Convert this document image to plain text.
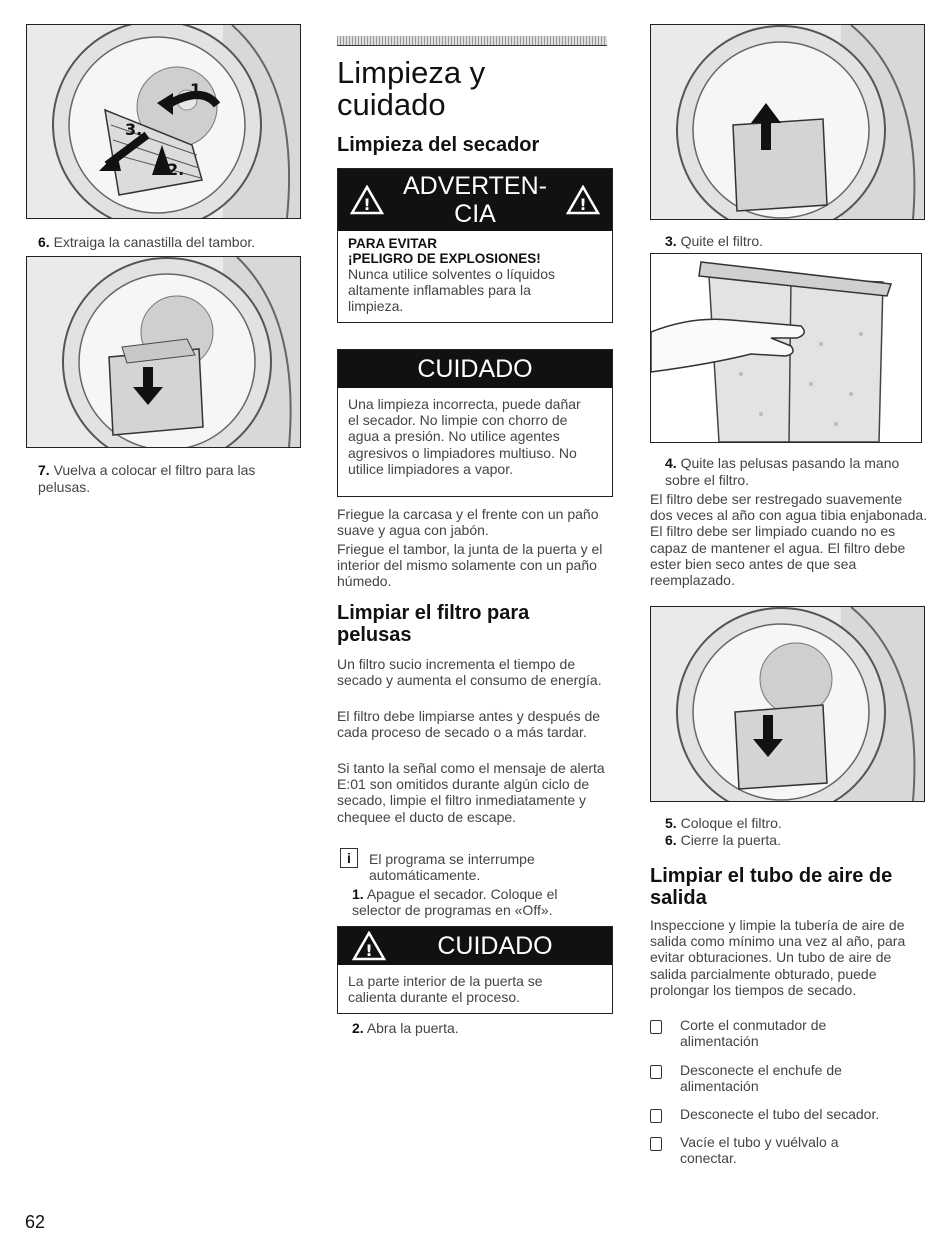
1.
3.
2.
6. Extraiga la canastilla del tambor.
7. Vuelva a colocar el filtro para las pelusas.
62
Limpieza y
cuidado
Limpieza del secador
!
ADVERTEN-
CIA	!
PARA EVITAR
¡PELIGRO DE EXPLOSIONES!
Nunca utilice solventes o líquidos altamente inflamables para la limpieza.
CUIDADO
Una limpieza incorrecta, puede dañar el secador. No limpie con chorro de agua a presión. No utilice agentes agresivos o limpiadores multiuso. No utilice limpiadores a vapor.

Friegue la carcasa y el frente con un paño suave y agua con jabón.

Friegue el tambor, la junta de la puerta y el interior del mismo solamente con un paño húmedo.

Limpiar el filtro para pelusas

Un filtro sucio incrementa el tiempo de secado y aumenta el consumo de energía.

El filtro debe limpiarse antes y después de cada proceso de secado o a más tardar.

Si tanto la señal como el mensaje de alerta E:01 son omitidos durante algún ciclo de secado, limpie el filtro inmediatamente y chequee el ducto de escape.

i	El programa se interrumpe automáticamente.

1. Apague el secador. Coloque el selector de programas en «Off».
!	CUIDADO
La parte interior de la puerta se calienta durante el proceso.
2. Abra la puerta.
3. Quite el filtro.
4. Quite las pelusas pasando la mano sobre el filtro.

El filtro debe ser restregado suavemente dos veces al año con agua tibia enjabonada. El filtro debe ser limpiado cuando no es capaz de mantener el agua. El filtro debe ester bien seco antes de que sea reemplazado.

5. Coloque el filtro.
6. Cierre la puerta.
Limpiar el tubo de aire de salida

Inspeccione y limpie la tubería de aire de salida como mínimo una vez al año, para evitar obturaciones. Un tubo de aire de salida parcialmente obturado, puede prolongar los tiempos de secado.

Corte el conmutador de alimentación
Desconecte el enchufe de alimentación
Desconecte el tubo del secador.
Vacíe el tubo y vuélvalo a conectar.
